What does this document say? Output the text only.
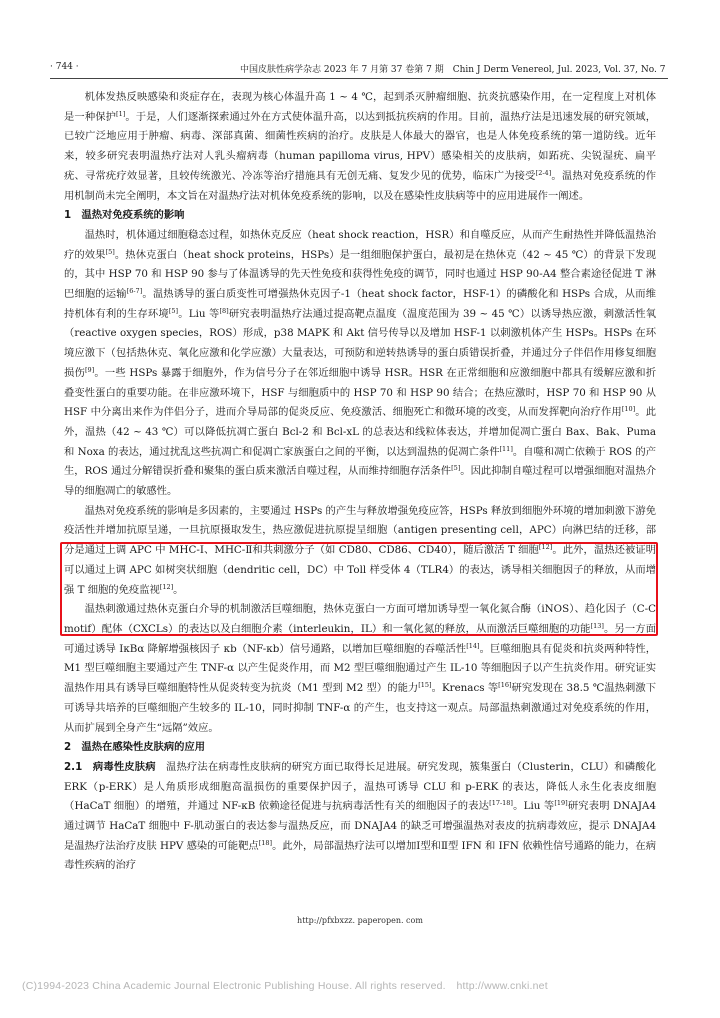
· 744 ·	中国皮肤性病学杂志 2023 年 7 月第 37 卷第 7 期　Chin J Derm Venereol, Jul. 2023, Vol. 37, No. 7

机体发热反映感染和炎症存在，表现为核心体温升高 1 ~ 4 ℃，起到杀灭肿瘤细胞、抗炎抗感染作用，在一定程度上对机体是一种保护[1]。于是，人们逐渐探索通过外在方式使体温升高，以达到抵抗疾病的作用。目前，温热疗法是迅速发展的研究领域，已较广泛地应用于肿瘤、病毒、深部真菌、细菌性疾病的治疗。皮肤是人体最大的器官，也是人体免疫系统的第一道防线。近年来，较多研究表明温热疗法对人乳头瘤病毒（human papilloma virus, HPV）感染相关的皮肤病，如跖疣、尖锐湿疣、扁平疣、寻常疣疗效显著，且较传统激光、冷冻等治疗措施具有无创无痛、复发少见的优势，临床广为接受[2-4]。温热对免疫系统的作用机制尚未完全阐明，本文旨在对温热疗法对机体免疫系统的影响，以及在感染性皮肤病等中的应用进展作一阐述。

1　温热对免疫系统的影响

温热时，机体通过细胞稳态过程，如热休克反应（heat shock reaction，HSR）和自噬反应，从而产生耐热性并降低温热治疗的效果[5]。热休克蛋白（heat shock proteins，HSPs）是一组细胞保护蛋白，最初是在热休克（42 ~ 45 ℃）的背景下发现的，其中 HSP 70 和 HSP 90 参与了体温诱导的先天性免疫和获得性免疫的调节，同时也通过 HSP 90-A4 整合素途径促进 T 淋巴细胞的运输[6-7]。温热诱导的蛋白质变性可增强热休克因子-1（heat shock factor，HSF-1）的磷酸化和 HSPs 合成，从而维持机体有利的生存环境[5]。Liu 等[8]研究表明温热疗法通过提高靶点温度（温度范围为 39 ~ 45 ℃）以诱导热应激，刺激活性氧（reactive oxygen species，ROS）形成，p38 MAPK 和 Akt 信号传导以及增加 HSF-1 以刺激机体产生 HSPs。HSPs 在环境应激下（包括热休克、氧化应激和化学应激）大量表达，可预防和逆转热诱导的蛋白质错误折叠，并通过分子伴侣作用修复细胞损伤[9]。一些 HSPs 暴露于细胞外，作为信号分子在邻近细胞中诱导 HSR。HSR 在正常细胞和应激细胞中都具有缓解应激和折叠变性蛋白的重要功能。在非应激环境下，HSF 与细胞质中的 HSP 70 和 HSP 90 结合；在热应激时，HSP 70 和 HSP 90 从 HSF 中分离出来作为伴侣分子，进而介导局部的促炎反应、免疫激活、细胞死亡和微环境的改变，从而发挥靶向治疗作用[10]。此外，温热（42 ~ 43 ℃）可以降低抗凋亡蛋白 Bcl-2 和 Bcl-xL 的总表达和线粒体表达，并增加促凋亡蛋白 Bax、Bak、Puma 和 Noxa 的表达，通过扰乱这些抗凋亡和促凋亡家族蛋白之间的平衡，以达到温热的促凋亡条件[11]。自噬和凋亡依赖于 ROS 的产生，ROS 通过分解错误折叠和聚集的蛋白质来激活自噬过程，从而维持细胞存活条件[5]。因此抑制自噬过程可以增强细胞对温热介导的细胞凋亡的敏感性。

温热对免疫系统的影响是多因素的，主要通过 HSPs 的产生与释放增强免疫应答，HSPs 释放到细胞外环境的增加刺激下游免疫活性并增加抗原呈递，一旦抗原摄取发生，热应激促进抗原提呈细胞（antigen presenting cell，APC）向淋巴结的迁移，部分是通过上调 APC 中 MHC-Ⅰ、MHC-Ⅱ和共刺激分子（如 CD80、CD86、CD40），随后激活 T 细胞[12]。此外，温热还被证明可以通过上调 APC 如树突状细胞（dendritic cell，DC）中 Toll 样受体 4（TLR4）的表达，诱导相关细胞因子的释放，从而增强 T 细胞的免疫监视[12]。

温热刺激通过热休克蛋白介导的机制激活巨噬细胞，热休克蛋白一方面可增加诱导型一氧化氮合酶（iNOS）、趋化因子（C-C motif）配体（CXCLs）的表达以及白细胞介素（interleukin，IL）和一氧化氮的释放，从而激活巨噬细胞的功能[13]。另一方面可通过诱导 IκBα 降解增强核因子 κb（NF-κb）信号通路，以增加巨噬细胞的吞噬活性[14]。巨噬细胞具有促炎和抗炎两种特性，M1 型巨噬细胞主要通过产生 TNF-α 以产生促炎作用，而 M2 型巨噬细胞通过产生 IL-10 等细胞因子以产生抗炎作用。研究证实温热作用具有诱导巨噬细胞特性从促炎转变为抗炎（M1 型到 M2 型）的能力[15]。Krenacs 等[16]研究发现在 38.5 ℃温热刺激下可诱导共培养的巨噬细胞产生较多的 IL-10，同时抑制 TNF-α 的产生，也支持这一观点。局部温热刺激通过对免疫系统的作用，从而扩展到全身产生“远隔”效应。

2　温热在感染性皮肤病的应用

2.1　病毒性皮肤病 温热疗法在病毒性皮肤病的研究方面已取得长足进展。研究发现，簇集蛋白（Clusterin，CLU）和磷酸化 ERK（p-ERK）是人角质形成细胞高温损伤的重要保护因子，温热可诱导 CLU 和 p-ERK 的表达，降低人永生化表皮细胞（HaCaT 细胞）的增殖，并通过 NF-κB 依赖途径促进与抗病毒活性有关的细胞因子的表达[17-18]。Liu 等[19]研究表明 DNAJA4 通过调节 HaCaT 细胞中 F-肌动蛋白的表达参与温热反应，而 DNAJA4 的缺乏可增强温热对表皮的抗病毒效应，提示 DNAJA4 是温热疗法治疗皮肤 HPV 感染的可能靶点[18]。此外，局部温热疗法可以增加Ⅰ型和Ⅱ型 IFN 和 IFN 依赖性信号通路的能力，在病毒性疾病的治疗

http://pfxbxzz. paperopen. com
(C)1994-2023 China Academic Journal Electronic Publishing House. All rights reserved.　http://www.cnki.net
